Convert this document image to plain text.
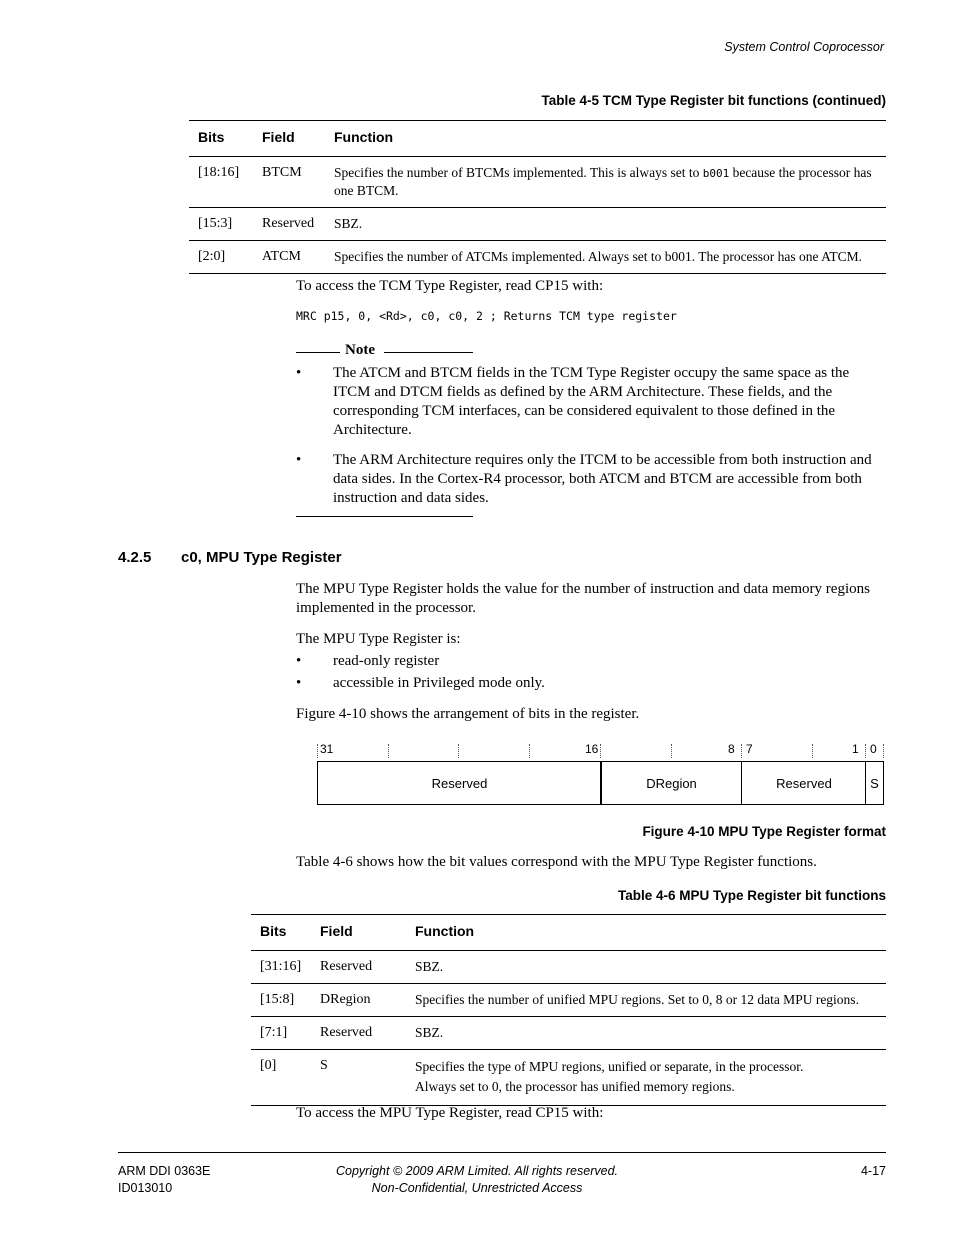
System Control Coprocessor
Table 4-5 TCM Type Register bit functions (continued)
Bits	Field	Function
[18:16]	BTCM	Specifies the number of BTCMs implemented. This is always set to b001 because the processor has one BTCM.
[15:3]	Reserved	SBZ.
[2:0]	ATCM	Specifies the number of ATCMs implemented. Always set to b001. The processor has one ATCM.
To access the TCM Type Register, read CP15 with:
MRC p15, 0, <Rd>, c0, c0, 2 ; Returns TCM type register
Note
• The ATCM and BTCM fields in the TCM Type Register occupy the same space as the ITCM and DTCM fields as defined by the ARM Architecture. These fields, and the corresponding TCM interfaces, can be considered equivalent to those defined in the Architecture.
• The ARM Architecture requires only the ITCM to be accessible from both instruction and data sides. In the Cortex-R4 processor, both ATCM and BTCM are accessible from both instruction and data sides.
4.2.5 c0, MPU Type Register
The MPU Type Register holds the value for the number of instruction and data memory regions implemented in the processor.
The MPU Type Register is:
• read-only register
• accessible in Privileged mode only.
Figure 4-10 shows the arrangement of bits in the register.
31	16	8 7	1 0
Reserved	DRegion	Reserved	S
Figure 4-10 MPU Type Register format
Table 4-6 shows how the bit values correspond with the MPU Type Register functions.
Table 4-6 MPU Type Register bit functions
Bits	Field	Function
[31:16]	Reserved	SBZ.
[15:8]	DRegion	Specifies the number of unified MPU regions. Set to 0, 8 or 12 data MPU regions.
[7:1]	Reserved	SBZ.
[0]	S	Specifies the type of MPU regions, unified or separate, in the processor.
Always set to 0, the processor has unified memory regions.
To access the MPU Type Register, read CP15 with:
ARM DDI 0363E
ID013010
Copyright © 2009 ARM Limited. All rights reserved.
Non-Confidential, Unrestricted Access
4-17
